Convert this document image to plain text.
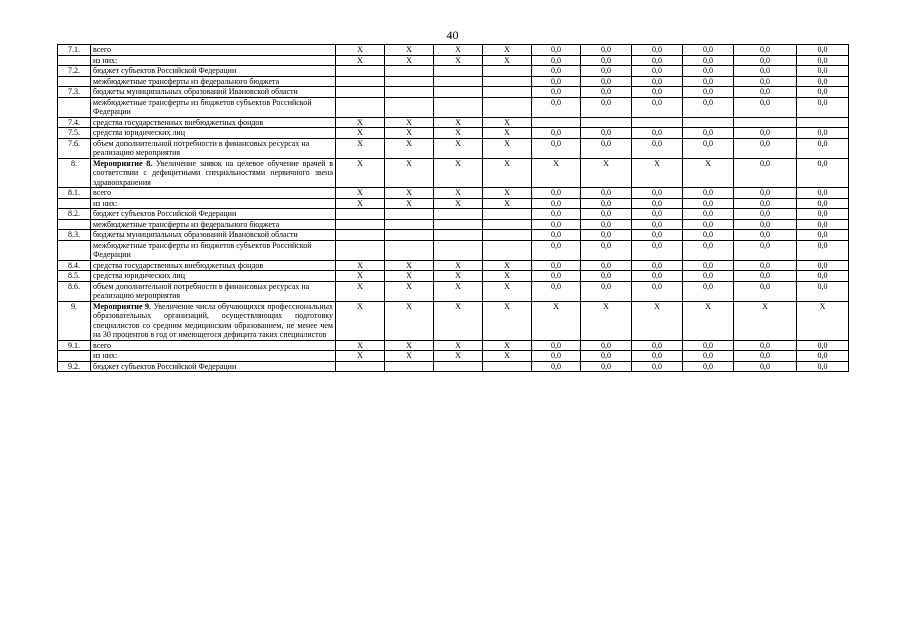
40
7.1.	всего	X	X	X	X	0,0	0,0	0,0	0,0	0,0	0,0
	из них:	X	X	X	X	0,0	0,0	0,0	0,0	0,0	0,0
7.2.	бюджет субъектов Российской Федерации					0,0	0,0	0,0	0,0	0,0	0,0
	межбюджетные трансферты из федерального бюджета					0,0	0,0	0,0	0,0	0,0	0,0
7.3.	бюджеты муниципальных образований Ивановской области					0,0	0,0	0,0	0,0	0,0	0,0
	межбюджетные трансферты из бюджетов субъектов Российской Федерации					0,0	0,0	0,0	0,0	0,0	0,0
7.4.	средства государственных внебюджетных фондов	X	X	X	X						
7.5.	средства юридических лиц	X	X	X	X	0,0	0,0	0,0	0,0	0,0	0,0
7.6.	объем дополнительной потребности в финансовых ресурсах на реализацию мероприятия	X	X	X	X	0,0	0,0	0,0	0,0	0,0	0,0
8.	Мероприятие 8. Увеличение заявок на целевое обучение врачей в соответствии с дефицитными специальностями первичного звена здравоохранения	X	X	X	X	X	X	X	X	0,0	0,0
8.1.	всего	X	X	X	X	0,0	0,0	0,0	0,0	0,0	0,0
	из них:	X	X	X	X	0,0	0,0	0,0	0,0	0,0	0,0
8.2.	бюджет субъектов Российской Федерации					0,0	0,0	0,0	0,0	0,0	0,0
	межбюджетные трансферты из федерального бюджета					0,0	0,0	0,0	0,0	0,0	0,0
8.3.	бюджеты муниципальных образований Ивановской области					0,0	0,0	0,0	0,0	0,0	0,0
	межбюджетные трансферты из бюджетов субъектов Российской Федерации					0,0	0,0	0,0	0,0	0,0	0,0
8.4.	средства государственных внебюджетных фондов	X	X	X	X	0,0	0,0	0,0	0,0	0,0	0,0
8.5.	средства юридических лиц	X	X	X	X	0,0	0,0	0,0	0,0	0,0	0,0
8.6.	объем дополнительной потребности в финансовых ресурсах на реализацию мероприятия	X	X	X	X	0,0	0,0	0,0	0,0	0,0	0,0
9.	Мероприятие 9. Увеличение числа обучающихся профессиональных образовательных организаций, осуществляющих подготовку специалистов со средним медицинским образованием, не менее чем на 30 процентов в год от имеющегося дефицита таких специалистов	X	X	X	X	X	X	X	X	X	X
9.1.	всего	X	X	X	X	0,0	0,0	0,0	0,0	0,0	0,0
	из них:	X	X	X	X	0,0	0,0	0,0	0,0	0,0	0,0
9.2.	бюджет субъектов Российской Федерации					0,0	0,0	0,0	0,0	0,0	0,0
